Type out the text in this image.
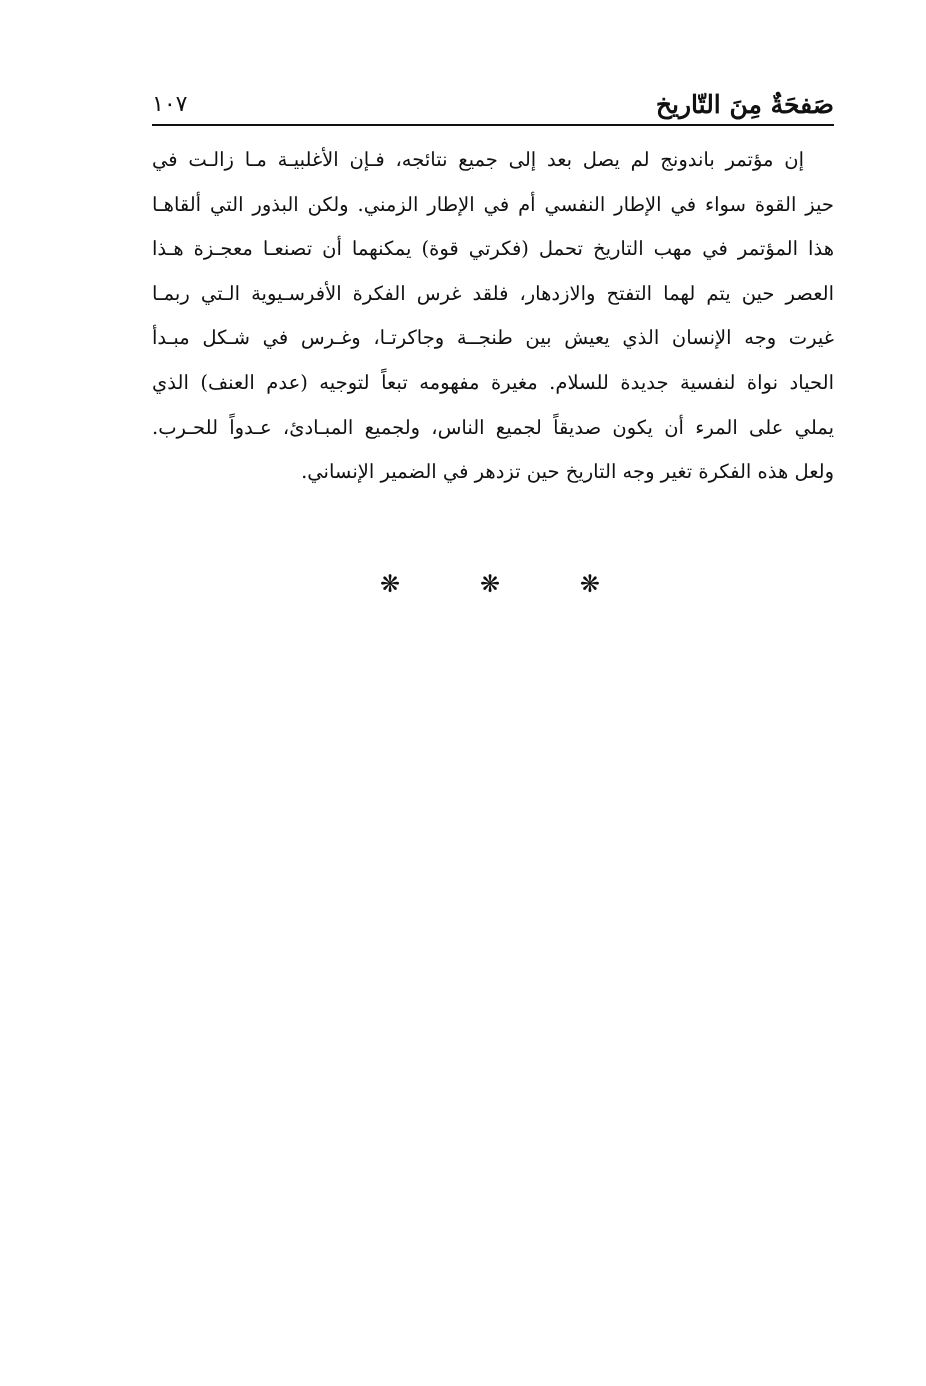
صَفحَةٌ مِنَ التّاريخ
١٠٧
إن مؤتمر باندونج لم يصل بعد إلى جميع نتائجه، فـإن الأغلبيـة مـا زالـت في
حيز القوة سواء في الإطار النفسي أم في الإطار الزمني. ولكن البذور التي ألقاهـا
هذا المؤتمر في مهب التاريخ تحمل (فكرتي قوة) يمكنهما أن تصنعـا معجـزة هـذا
العصر حين يتم لهما التفتح والازدهار، فلقد غرس الفكرة الأفرسـيوية الـتي ربمـا
غيرت وجه الإنسان الذي يعيش بين طنجــة وجاكرتـا، وغـرس في شـكل مبـدأ
الحياد نواة لنفسية جديدة للسلام. مغيرة مفهومه تبعاً لتوجيه (عدم العنف) الذي
يملي على المرء أن يكون صديقاً لجميع الناس، ولجميع المبـادئ، عـدواً للحـرب.
ولعل هذه الفكرة تغير وجه التاريخ حين تزدهر في الضمير الإنساني.
❋	❋	❋
